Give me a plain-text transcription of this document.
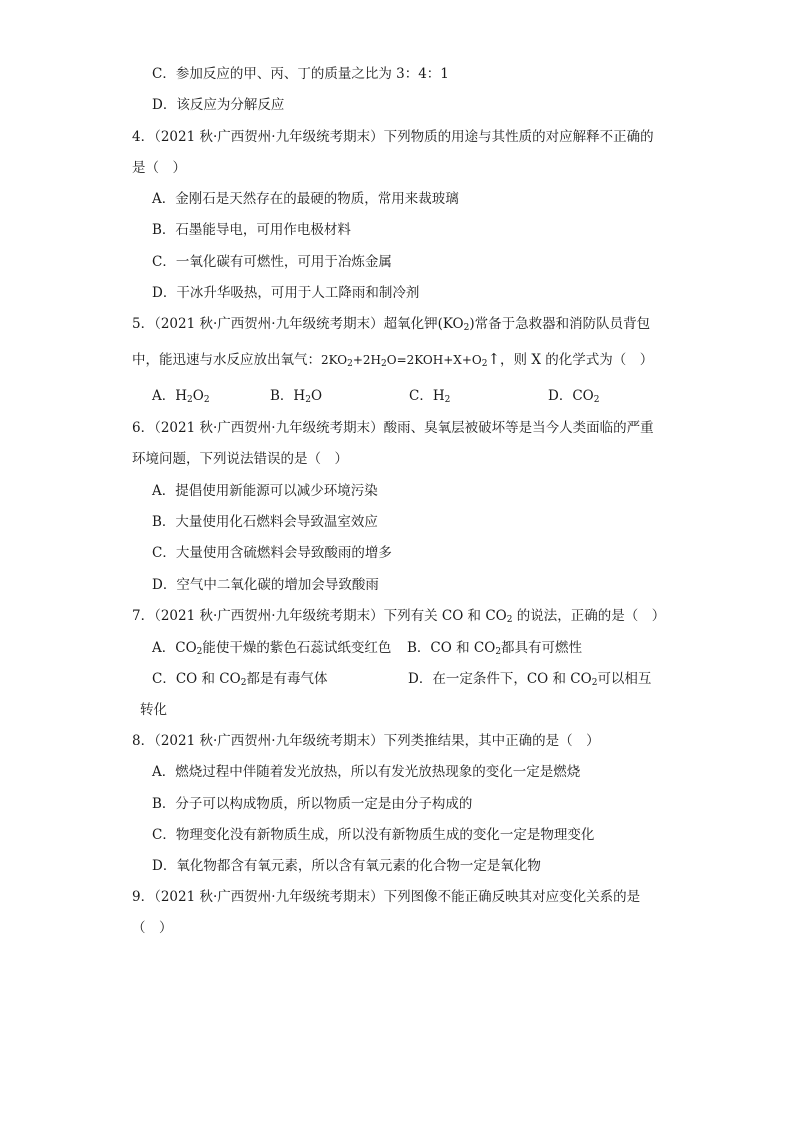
C．参加反应的甲、丙、丁的质量之比为 3：4：1
D．该反应为分解反应
4．（2021 秋·广西贺州·九年级统考期末）下列物质的用途与其性质的对应解释不正确的
是（　）
A．金刚石是天然存在的最硬的物质，常用来裁玻璃
B．石墨能导电，可用作电极材料
C．一氧化碳有可燃性，可用于冶炼金属
D．干冰升华吸热，可用于人工降雨和制冷剂
5．（2021 秋·广西贺州·九年级统考期末）超氧化钾$(KO_2)$常备于急救器和消防队员背包
中，能迅速与水反应放出氧气：$2KO_2+2H_2O=2KOH+X+O_2↑$，则 X 的化学式为（　）
A．$H_2O_2$	B．$H_2O$	C．$H_2$	D．$CO_2$
6．（2021 秋·广西贺州·九年级统考期末）酸雨、臭氧层被破坏等是当今人类面临的严重
环境问题，下列说法错误的是（　）
A．提倡使用新能源可以减少环境污染
B．大量使用化石燃料会导致温室效应
C．大量使用含硫燃料会导致酸雨的增多
D．空气中二氧化碳的增加会导致酸雨
7．（2021 秋·广西贺州·九年级统考期末）下列有关 CO 和 $CO_2$ 的说法，正确的是（　）
A．$CO_2$能使干燥的紫色石蕊试纸变红色 B．CO 和 $CO_2$都具有可燃性
C．CO 和 $CO_2$都是有毒气体	D．在一定条件下，CO 和 $CO_2$可以相互
转化
8．（2021 秋·广西贺州·九年级统考期末）下列类推结果，其中正确的是（　）
A．燃烧过程中伴随着发光放热，所以有发光放热现象的变化一定是燃烧
B．分子可以构成物质，所以物质一定是由分子构成的
C．物理变化没有新物质生成，所以没有新物质生成的变化一定是物理变化
D．氧化物都含有氧元素，所以含有氧元素的化合物一定是氧化物
9．（2021 秋·广西贺州·九年级统考期末）下列图像不能正确反映其对应变化关系的是
（　）
